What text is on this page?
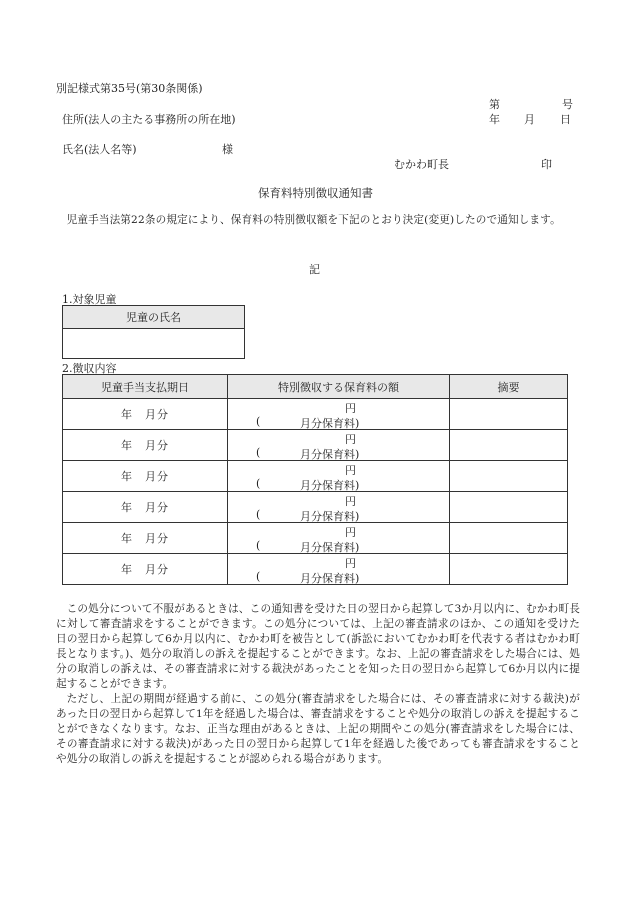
別記様式第35号(第30条関係)
第	号
住所(法人の主たる事務所の所在地)	年 月 日
氏名(法人名等)	様
むかわ町長	印
保育料特別徴収通知書

児童手当法第22条の規定により、保育料の特別徴収額を下記のとおり決定(変更)したので通知します。

記
1.対象児童
児童の氏名

2.徴収内容
児童手当支払期日	特別徴収する保育料の額	摘要
年　月分	円
( 月分保育料)	

年　月分	円
( 月分保育料)	

年　月分	円
( 月分保育料)	

年　月分	円
( 月分保育料)	

年　月分	円
( 月分保育料)	

年　月分	円
( 月分保育料)	

この処分について不服があるときは、この通知書を受けた日の翌日から起算して3か月以内に、むかわ町長に対して審査請求をすることができます。この処分については、上記の審査請求のほか、この通知を受けた日の翌日から起算して6か月以内に、むかわ町を被告として(訴訟においてむかわ町を代表する者はむかわ町長となります。)、処分の取消しの訴えを提起することができます。なお、上記の審査請求をした場合には、処分の取消しの訴えは、その審査請求に対する裁決があったことを知った日の翌日から起算して6か月以内に提起することができます。

ただし、上記の期間が経過する前に、この処分(審査請求をした場合には、その審査請求に対する裁決)があった日の翌日から起算して1年を経過した場合は、審査請求をすることや処分の取消しの訴えを提起することができなくなります。なお、正当な理由があるときは、上記の期間やこの処分(審査請求をした場合には、その審査請求に対する裁決)があった日の翌日から起算して1年を経過した後であっても審査請求をすることや処分の取消しの訴えを提起することが認められる場合があります。
